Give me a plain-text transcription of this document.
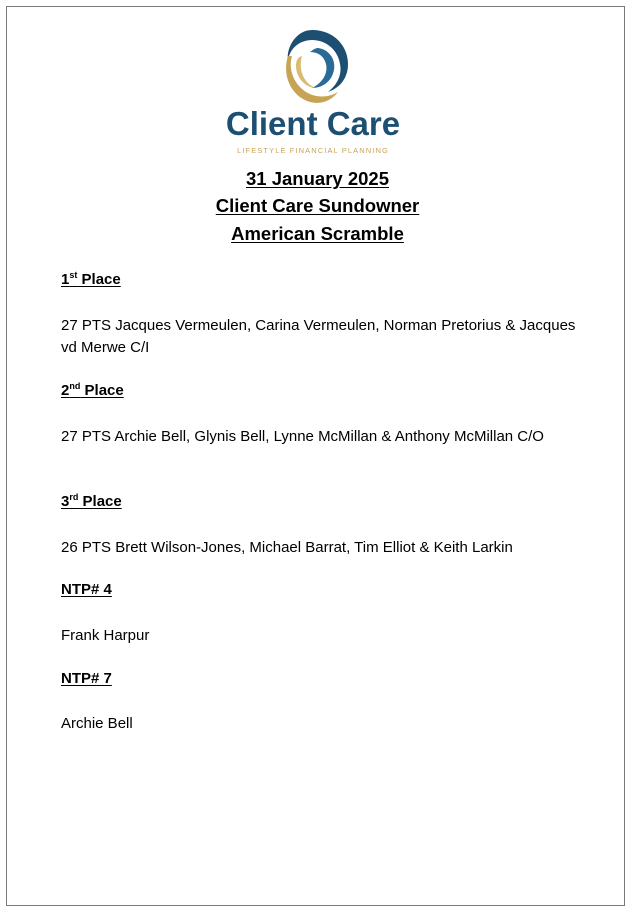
Client Care
LIFESTYLE FINANCIAL PLANNING
31 January 2025
Client Care Sundowner
American Scramble
1st Place
27 PTS Jacques Vermeulen, Carina Vermeulen, Norman Pretorius & Jacques vd Merwe C/I
2nd Place
27 PTS Archie Bell, Glynis Bell, Lynne McMillan & Anthony McMillan C/O
3rd Place
26 PTS Brett Wilson-Jones, Michael Barrat, Tim Elliot & Keith Larkin
NTP# 4
Frank Harpur
NTP# 7
Archie Bell
